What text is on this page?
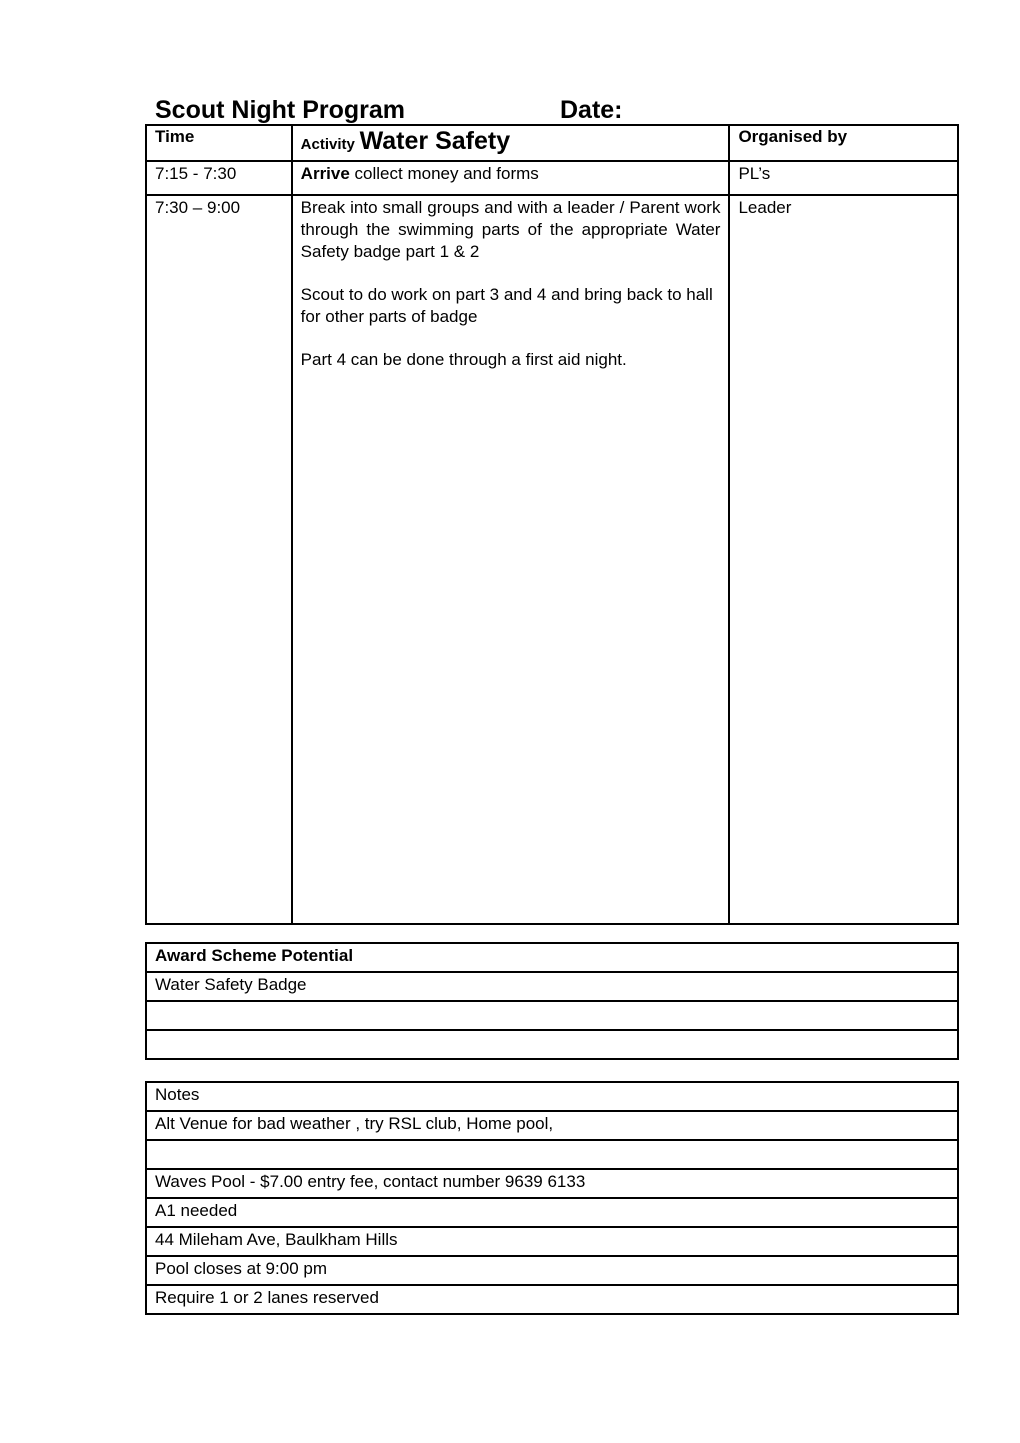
Scout Night Program	Date:
Time	Activity Water Safety	Organised by
7:15 - 7:30	Arrive collect money and forms	PL’s
7:30 – 9:00	Break into small groups and with a leader / Parent work through the swimming parts of the appropriate Water Safety badge part 1 & 2

Scout to do work on part 3 and 4 and bring back to hall for other parts of badge

Part 4 can be done through a first aid night.	Leader
Award Scheme Potential
Water Safety Badge

Notes
Alt Venue for bad weather , try RSL club, Home pool,

Waves Pool - $7.00 entry fee, contact number 9639 6133
A1 needed
44 Mileham Ave, Baulkham Hills
Pool closes at 9:00 pm
Require 1 or 2 lanes reserved
